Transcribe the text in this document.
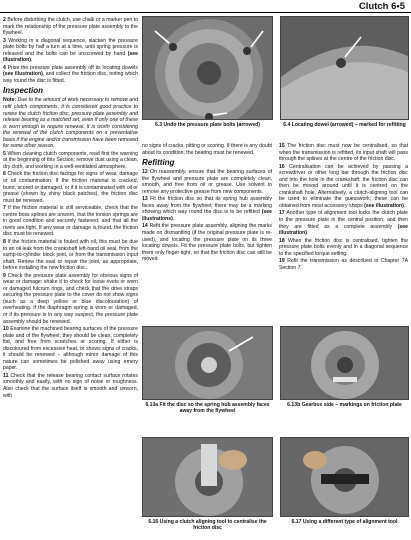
Clutch 6•5
2 Before disturbing the clutch, use chalk or a marker pen to mark the relationship of the pressure plate assembly to the flywheel.
3 Working in a diagonal sequence, slacken the pressure plate bolts by half a turn at a time, until spring pressure is released and the bolts can be unscrewed by hand (see illustration).
4 Prise the pressure plate assembly off its locating dowels (see illustration), and collect the friction disc, noting which way round the disc is fitted.
Inspection
Note: Due to the amount of work necessary to remove and refit clutch components, it is considered good practice to renew the clutch friction disc, pressure plate assembly and release bearing as a matched set, even if only one of these is worn enough to require renewal. It is worth considering the renewal of the clutch components on a preventative basis if the engine and/or transmission have been removed for some other reason.
5 When cleaning clutch components, read first the warning at the beginning of this Section; remove dust using a clean, dry cloth, and working in a well-ventilated atmosphere.
6 Check the friction disc facings for signs of wear, damage or oil contamination. If the friction material is cracked, burnt, scored or damaged, or if it is contaminated with oil or grease (shown by shiny black patches), the friction disc must be renewed.
7 If the friction material is still serviceable, check that the centre boss splines are unworn, that the torsion springs are in good condition and securely fastened, and that all the rivets are tight. If any wear or damage is found, the friction disc must be renewed.
8 If the friction material is fouled with oil, this must be due to an oil leak from the crankshaft left-hand oil seal, from the sump-to-cylinder block joint, or from the transmission input shaft. Renew the seal or repair the joint, as appropriate, before installing the new friction disc.
9 Check the pressure plate assembly for obvious signs of wear or damage; shake it to check for loose rivets or worn or damaged fulcrum rings, and check that the drive straps securing the pressure plate to the cover do not show signs (such as a deep yellow or blue discolouration) of overheating. If the diaphragm spring is worn or damaged, or if its pressure is in any way suspect, the pressure plate assembly should be renewed.
10 Examine the machined bearing surfaces of the pressure plate and of the flywheel; they should be clean, completely flat, and free from scratches or scoring. If either is discoloured from excessive heat, or shows signs of cracks, it should be renewed – although minor damage of this nature can sometimes be polished away using emery paper.
11 Check that the release bearing contact surface rotates smoothly and easily, with no sign of noise or roughness. Also check that the surface itself is smooth and unworn, with
no signs of cracks, pitting or scoring. If there is any doubt about its condition, the bearing must be renewed.
Refitting
12 On reassembly, ensure that the bearing surfaces of the flywheel and pressure plate are completely clean, smooth, and free from oil or grease. Use solvent to remove any protective grease from new components.
13 Fit the friction disc so that its spring hub assembly faces away from the flywheel; there may be a marking showing which way round the disc is to be refitted (see illustrations).
14 Refit the pressure plate assembly, aligning the marks made on dismantling (if the original pressure plate is re-used), and locating the pressure plate on its three locating dowels. Fit the pressure plate bolts, but tighten them only finger-tight, so that the friction disc can still be moved.
15 The friction disc must now be centralised, so that when the transmission is refitted, its input shaft will pass through the splines at the centre of the friction disc.
16 Centralisation can be achieved by passing a screwdriver or other long bar through the friction disc and into the hole in the crankshaft; the friction disc can then be moved around until it is centred on the crankshaft hole. Alternatively, a clutch-aligning tool can be used to eliminate the guesswork; these can be obtained from most accessory shops (see illustration).
17 Another type of alignment tool locks the clutch plate to the pressure plate in the central position, and then they are fitted as a complete assembly (see illustration).
18 When the friction disc is centralised, tighten the pressure plate bolts evenly and in a diagonal sequence to the specified torque setting.
19 Refit the transmission as described in Chapter 7A Section 7.
6.3 Undo the pressure plate bolts (arrowed)	6.4 Locating dowel (arrowed) – marked for refitting
6.13a Fit the disc so the spring hub assembly faces away from the flywheel
6.13b Gearbox side – markings on friction plate
6.16 Using a clutch aligning tool to centralise the friction disc
6.17 Using a different type of alignment tool
